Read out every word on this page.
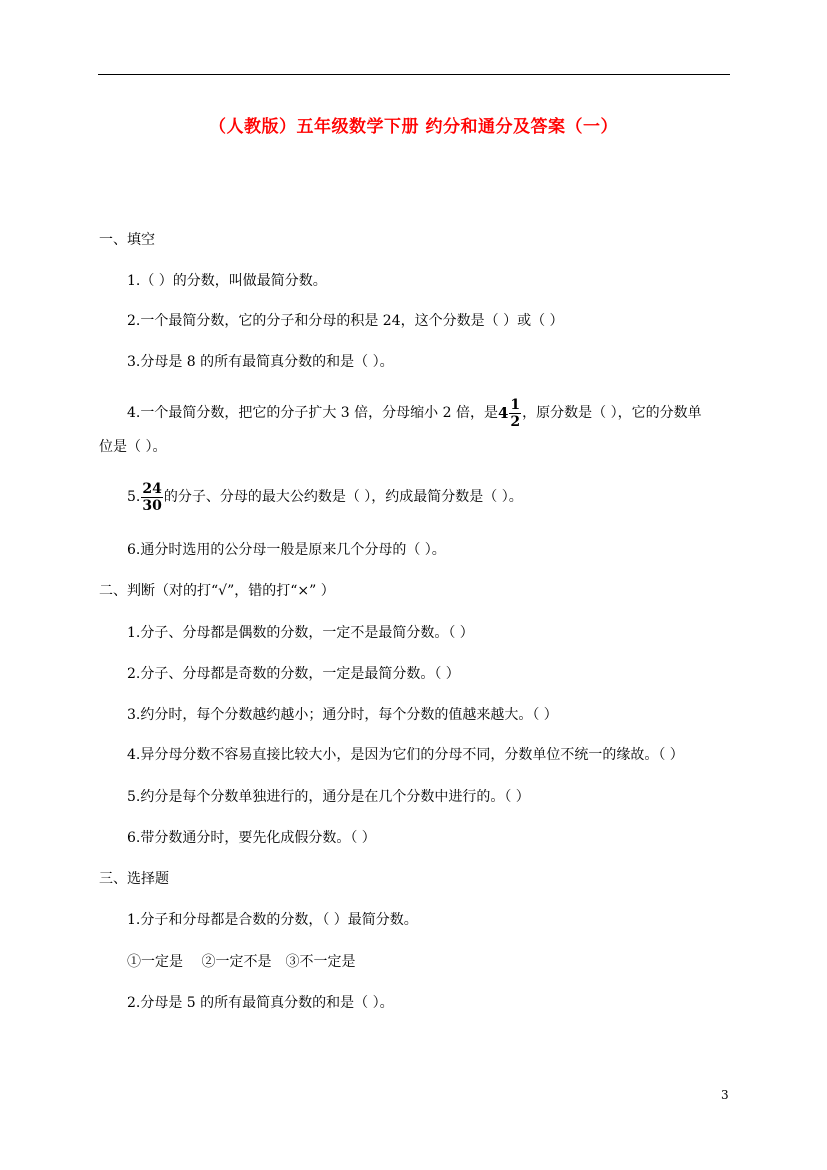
（人教版）五年级数学下册 约分和通分及答案（一）
一、填空
1.（ ）的分数，叫做最简分数。
2.一个最简分数，它的分子和分母的积是 24，这个分数是（ ）或（ ）
3.分母是 8 的所有最简真分数的和是（ ）。
4.一个最简分数，把它的分子扩大 3 倍，分母缩小 2 倍，是$4 \frac{1}{2}$ ，原分数是（ ），它的分数单
位是（ ）。
5. $\frac{24}{30}$ 的分子、分母的最大公约数是（ ），约成最简分数是（ ）。
6.通分时选用的公分母一般是原来几个分母的（ ）。
二、判断（对的打“√”，错的打“×” ）
1.分子、分母都是偶数的分数，一定不是最简分数。（ ）
2.分子、分母都是奇数的分数，一定是最简分数。（ ）
3.约分时，每个分数越约越小；通分时，每个分数的值越来越大。（ ）
4.异分母分数不容易直接比较大小，是因为它们的分母不同，分数单位不统一的缘故。（ ）
5.约分是每个分数单独进行的，通分是在几个分数中进行的。（ ）
6.带分数通分时，要先化成假分数。（ ）
三、选择题
1.分子和分母都是合数的分数，（ ）最简分数。
①一定是　 ②一定不是　③不一定是
2.分母是 5 的所有最简真分数的和是（ ）。
3
